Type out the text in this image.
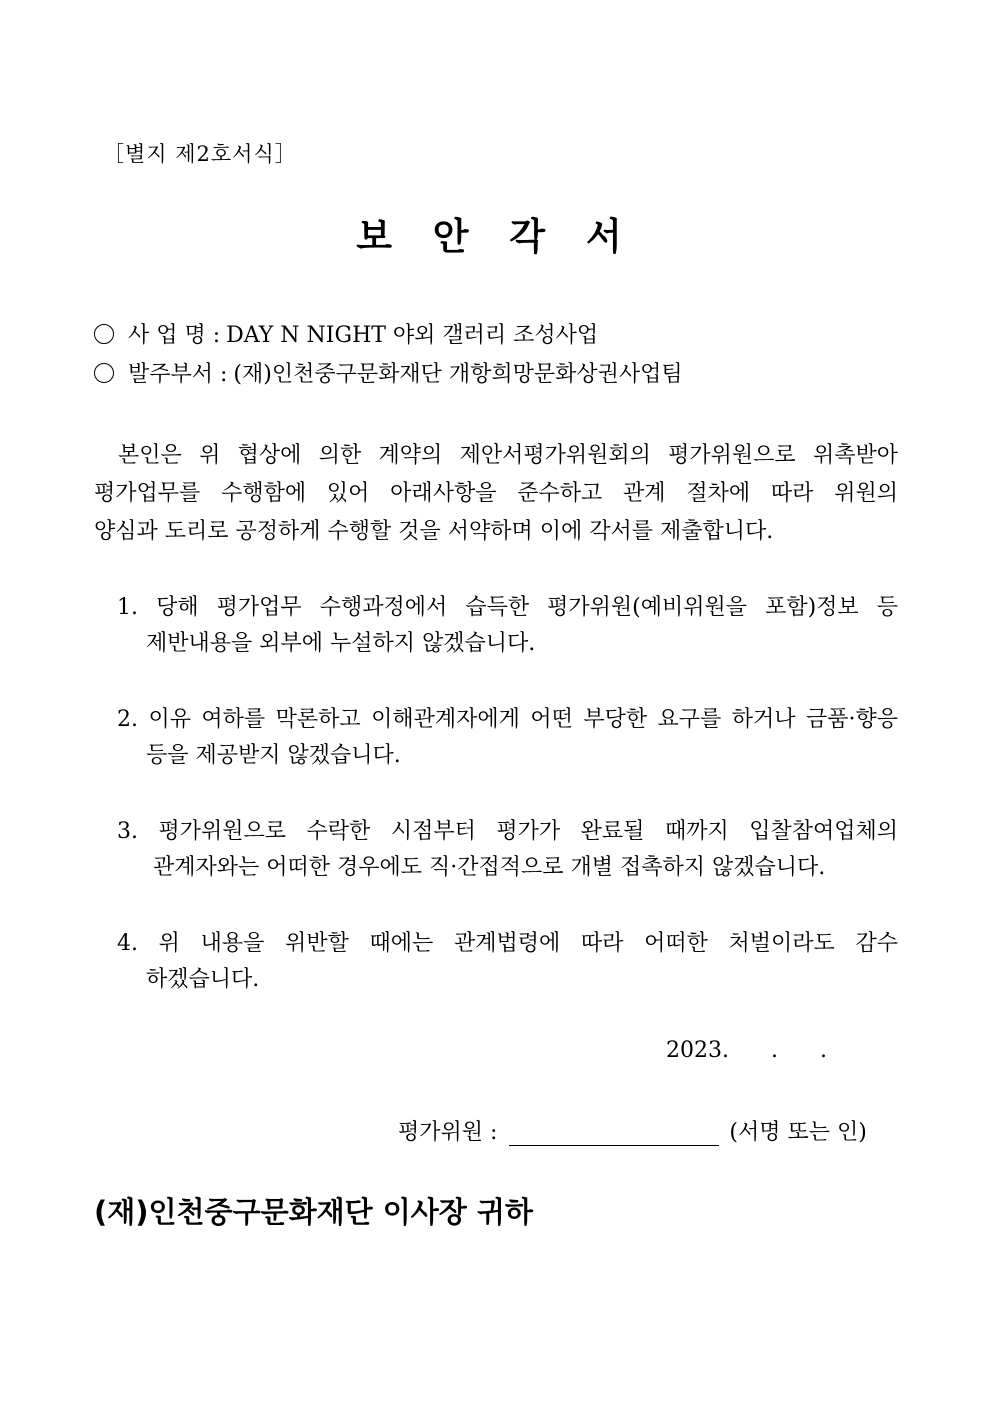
［별지 제2호서식］
보 안 각 서
사 업 명 : DAY N NIGHT 야외 갤러리 조성사업
발주부서 : (재)인천중구문화재단 개항희망문화상권사업팀
본인은 위 협상에 의한 계약의 제안서평가위원회의 평가위원으로 위촉받아
평가업무를 수행함에 있어 아래사항을 준수하고 관계 절차에 따라 위원의
양심과 도리로 공정하게 수행할 것을 서약하며 이에 각서를 제출합니다.
1. 당해 평가업무 수행과정에서 습득한 평가위원(예비위원을 포함)정보 등
제반내용을 외부에 누설하지 않겠습니다.
2. 이유 여하를 막론하고 이해관계자에게 어떤 부당한 요구를 하거나 금품·향응
등을 제공받지 않겠습니다.
3. 평가위원으로 수락한 시점부터 평가가 완료될 때까지 입찰참여업체의
관계자와는 어떠한 경우에도 직·간접적으로 개별 접촉하지 않겠습니다.
4. 위 내용을 위반할 때에는 관계법령에 따라 어떠한 처벌이라도 감수
하겠습니다.
2023. . .
평가위원 :	(서명 또는 인)
(재)인천중구문화재단 이사장 귀하
